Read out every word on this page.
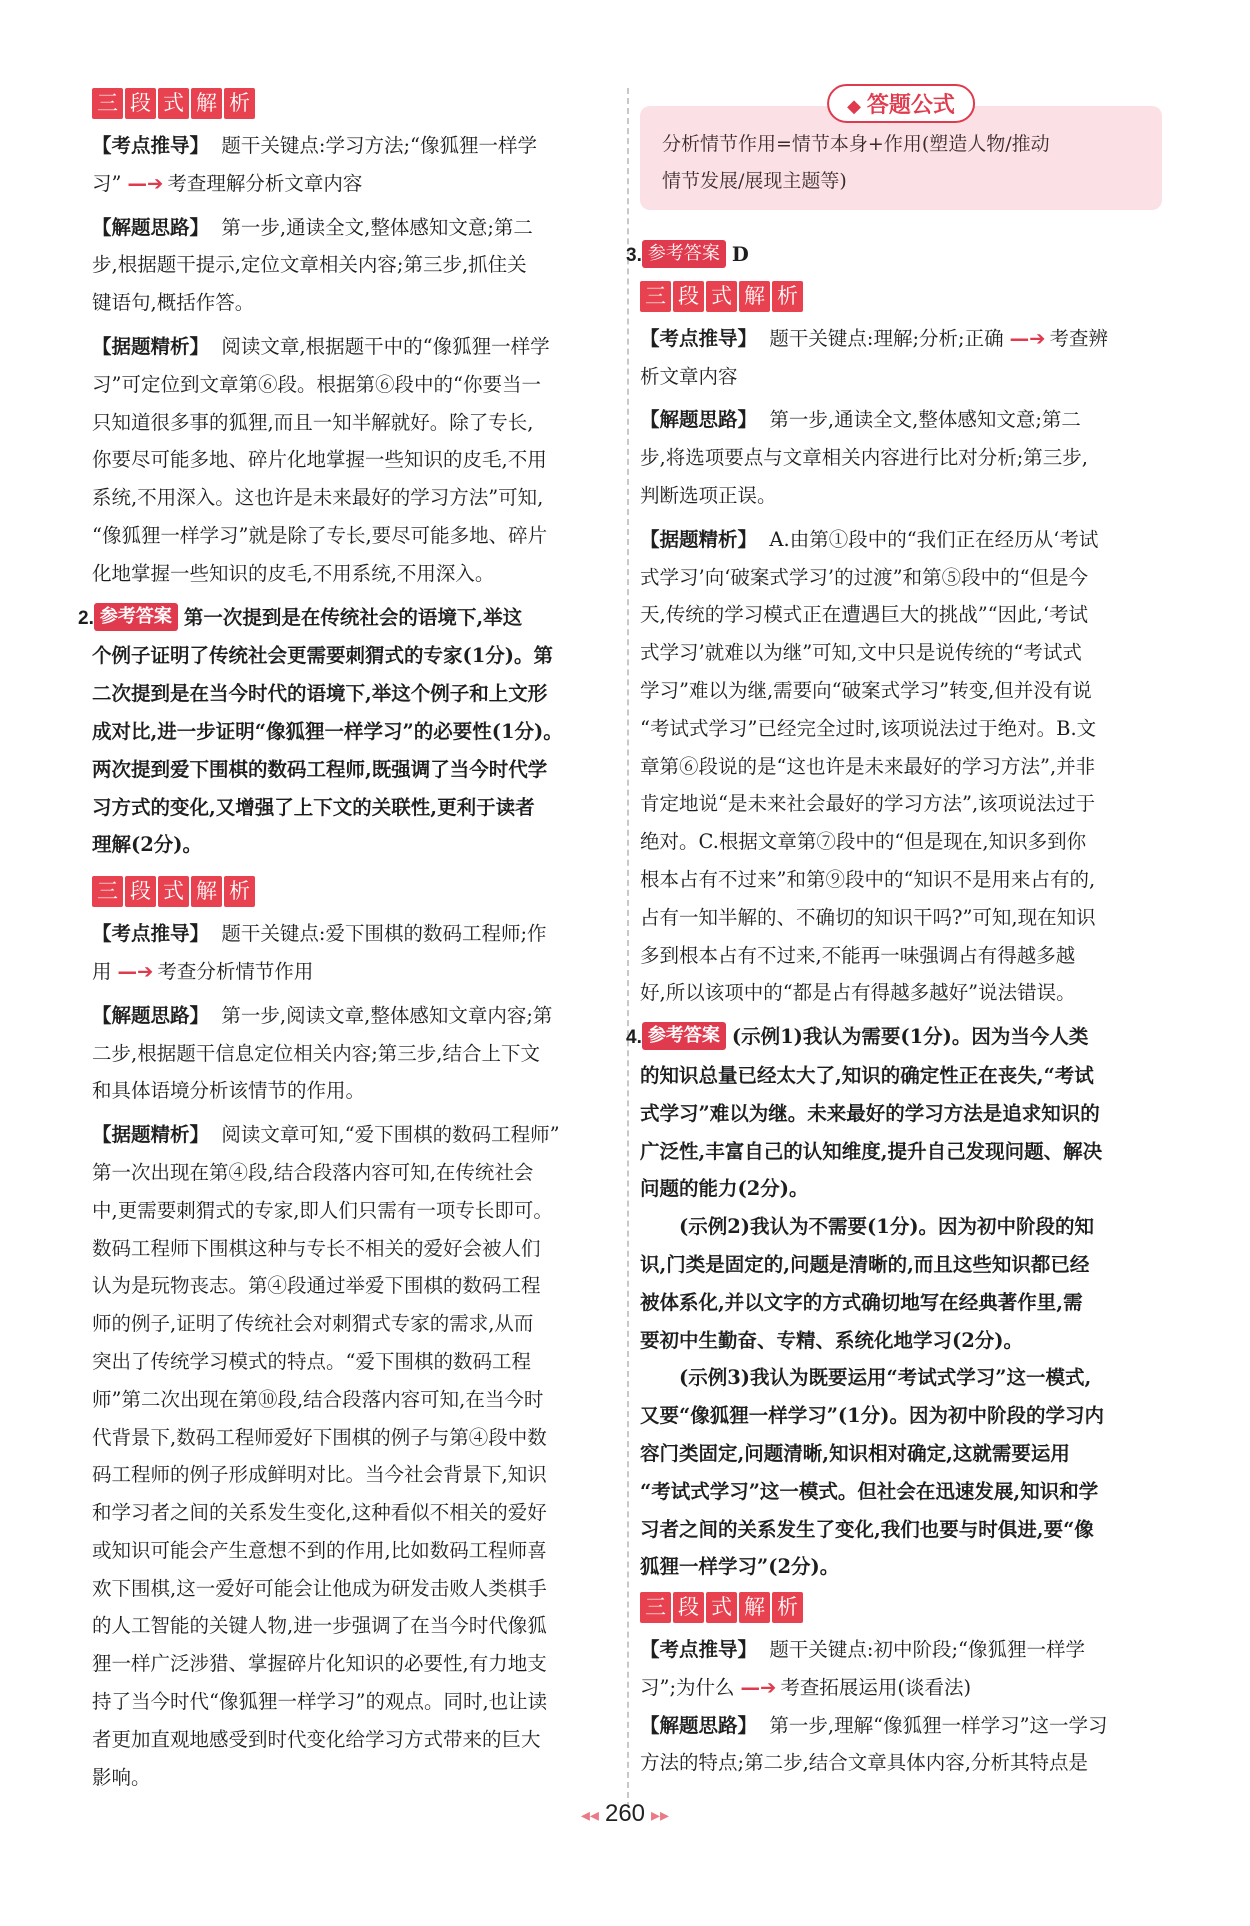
三 段 式 解 析
【考点推导】 题干关键点:学习方法;“像狐狸一样学
习” —➔ 考查理解分析文章内容
【解题思路】 第一步,通读全文,整体感知文意;第二
步,根据题干提示,定位文章相关内容;第三步,抓住关
键语句,概括作答。
【据题精析】 阅读文章,根据题干中的“像狐狸一样学
习”可定位到文章第⑥段。根据第⑥段中的“你要当一
只知道很多事的狐狸,而且一知半解就好。除了专长,
你要尽可能多地、碎片化地掌握一些知识的皮毛,不用
系统,不用深入。这也许是未来最好的学习方法”可知,
“像狐狸一样学习”就是除了专长,要尽可能多地、碎片
化地掌握一些知识的皮毛,不用系统,不用深入。
2. 参考答案 第一次提到是在传统社会的语境下,举这
个例子证明了传统社会更需要刺猬式的专家(1分)。第
二次提到是在当今时代的语境下,举这个例子和上文形
成对比,进一步证明“像狐狸一样学习”的必要性(1分)。
两次提到爱下围棋的数码工程师,既强调了当今时代学
习方式的变化,又增强了上下文的关联性,更利于读者
理解(2分)。
三 段 式 解 析
【考点推导】 题干关键点:爱下围棋的数码工程师;作
用 —➔ 考查分析情节作用
【解题思路】 第一步,阅读文章,整体感知文章内容;第
二步,根据题干信息定位相关内容;第三步,结合上下文
和具体语境分析该情节的作用。
【据题精析】 阅读文章可知,“爱下围棋的数码工程师”
第一次出现在第④段,结合段落内容可知,在传统社会
中,更需要刺猬式的专家,即人们只需有一项专长即可。
数码工程师下围棋这种与专长不相关的爱好会被人们
认为是玩物丧志。第④段通过举爱下围棋的数码工程
师的例子,证明了传统社会对刺猬式专家的需求,从而
突出了传统学习模式的特点。“爱下围棋的数码工程
师”第二次出现在第⑩段,结合段落内容可知,在当今时
代背景下,数码工程师爱好下围棋的例子与第④段中数
码工程师的例子形成鲜明对比。当今社会背景下,知识
和学习者之间的关系发生变化,这种看似不相关的爱好
或知识可能会产生意想不到的作用,比如数码工程师喜
欢下围棋,这一爱好可能会让他成为研发击败人类棋手
的人工智能的关键人物,进一步强调了在当今时代像狐
狸一样广泛涉猎、掌握碎片化知识的必要性,有力地支
持了当今时代“像狐狸一样学习”的观点。同时,也让读
者更加直观地感受到时代变化给学习方式带来的巨大
影响。
◆ 答题公式
分析情节作用=情节本身+作用(塑造人物/推动
情节发展/展现主题等)
3. 参考答案 D
三 段 式 解 析
【考点推导】 题干关键点:理解;分析;正确 —➔ 考查辨
析文章内容
【解题思路】 第一步,通读全文,整体感知文意;第二
步,将选项要点与文章相关内容进行比对分析;第三步,
判断选项正误。
【据题精析】 A.由第①段中的“我们正在经历从‘考试
式学习’向‘破案式学习’的过渡”和第⑤段中的“但是今
天,传统的学习模式正在遭遇巨大的挑战”“因此,‘考试
式学习’就难以为继”可知,文中只是说传统的“考试式
学习”难以为继,需要向“破案式学习”转变,但并没有说
“考试式学习”已经完全过时,该项说法过于绝对。B.文
章第⑥段说的是“这也许是未来最好的学习方法”,并非
肯定地说“是未来社会最好的学习方法”,该项说法过于
绝对。C.根据文章第⑦段中的“但是现在,知识多到你
根本占有不过来”和第⑨段中的“知识不是用来占有的,
占有一知半解的、不确切的知识干吗?”可知,现在知识
多到根本占有不过来,不能再一味强调占有得越多越
好,所以该项中的“都是占有得越多越好”说法错误。
4. 参考答案 (示例1)我认为需要(1分)。因为当今人类
的知识总量已经太大了,知识的确定性正在丧失,“考试
式学习”难以为继。未来最好的学习方法是追求知识的
广泛性,丰富自己的认知维度,提升自己发现问题、解决
问题的能力(2分)。
(示例2)我认为不需要(1分)。因为初中阶段的知
识,门类是固定的,问题是清晰的,而且这些知识都已经
被体系化,并以文字的方式确切地写在经典著作里,需
要初中生勤奋、专精、系统化地学习(2分)。
(示例3)我认为既要运用“考试式学习”这一模式,
又要“像狐狸一样学习”(1分)。因为初中阶段的学习内
容门类固定,问题清晰,知识相对确定,这就需要运用
“考试式学习”这一模式。但社会在迅速发展,知识和学
习者之间的关系发生了变化,我们也要与时俱进,要“像
狐狸一样学习”(2分)。
三 段 式 解 析
【考点推导】 题干关键点:初中阶段;“像狐狸一样学
习”;为什么 —➔ 考查拓展运用(谈看法)
【解题思路】 第一步,理解“像狐狸一样学习”这一学习
方法的特点;第二步,结合文章具体内容,分析其特点是
◂◂ 260 ▸▸
